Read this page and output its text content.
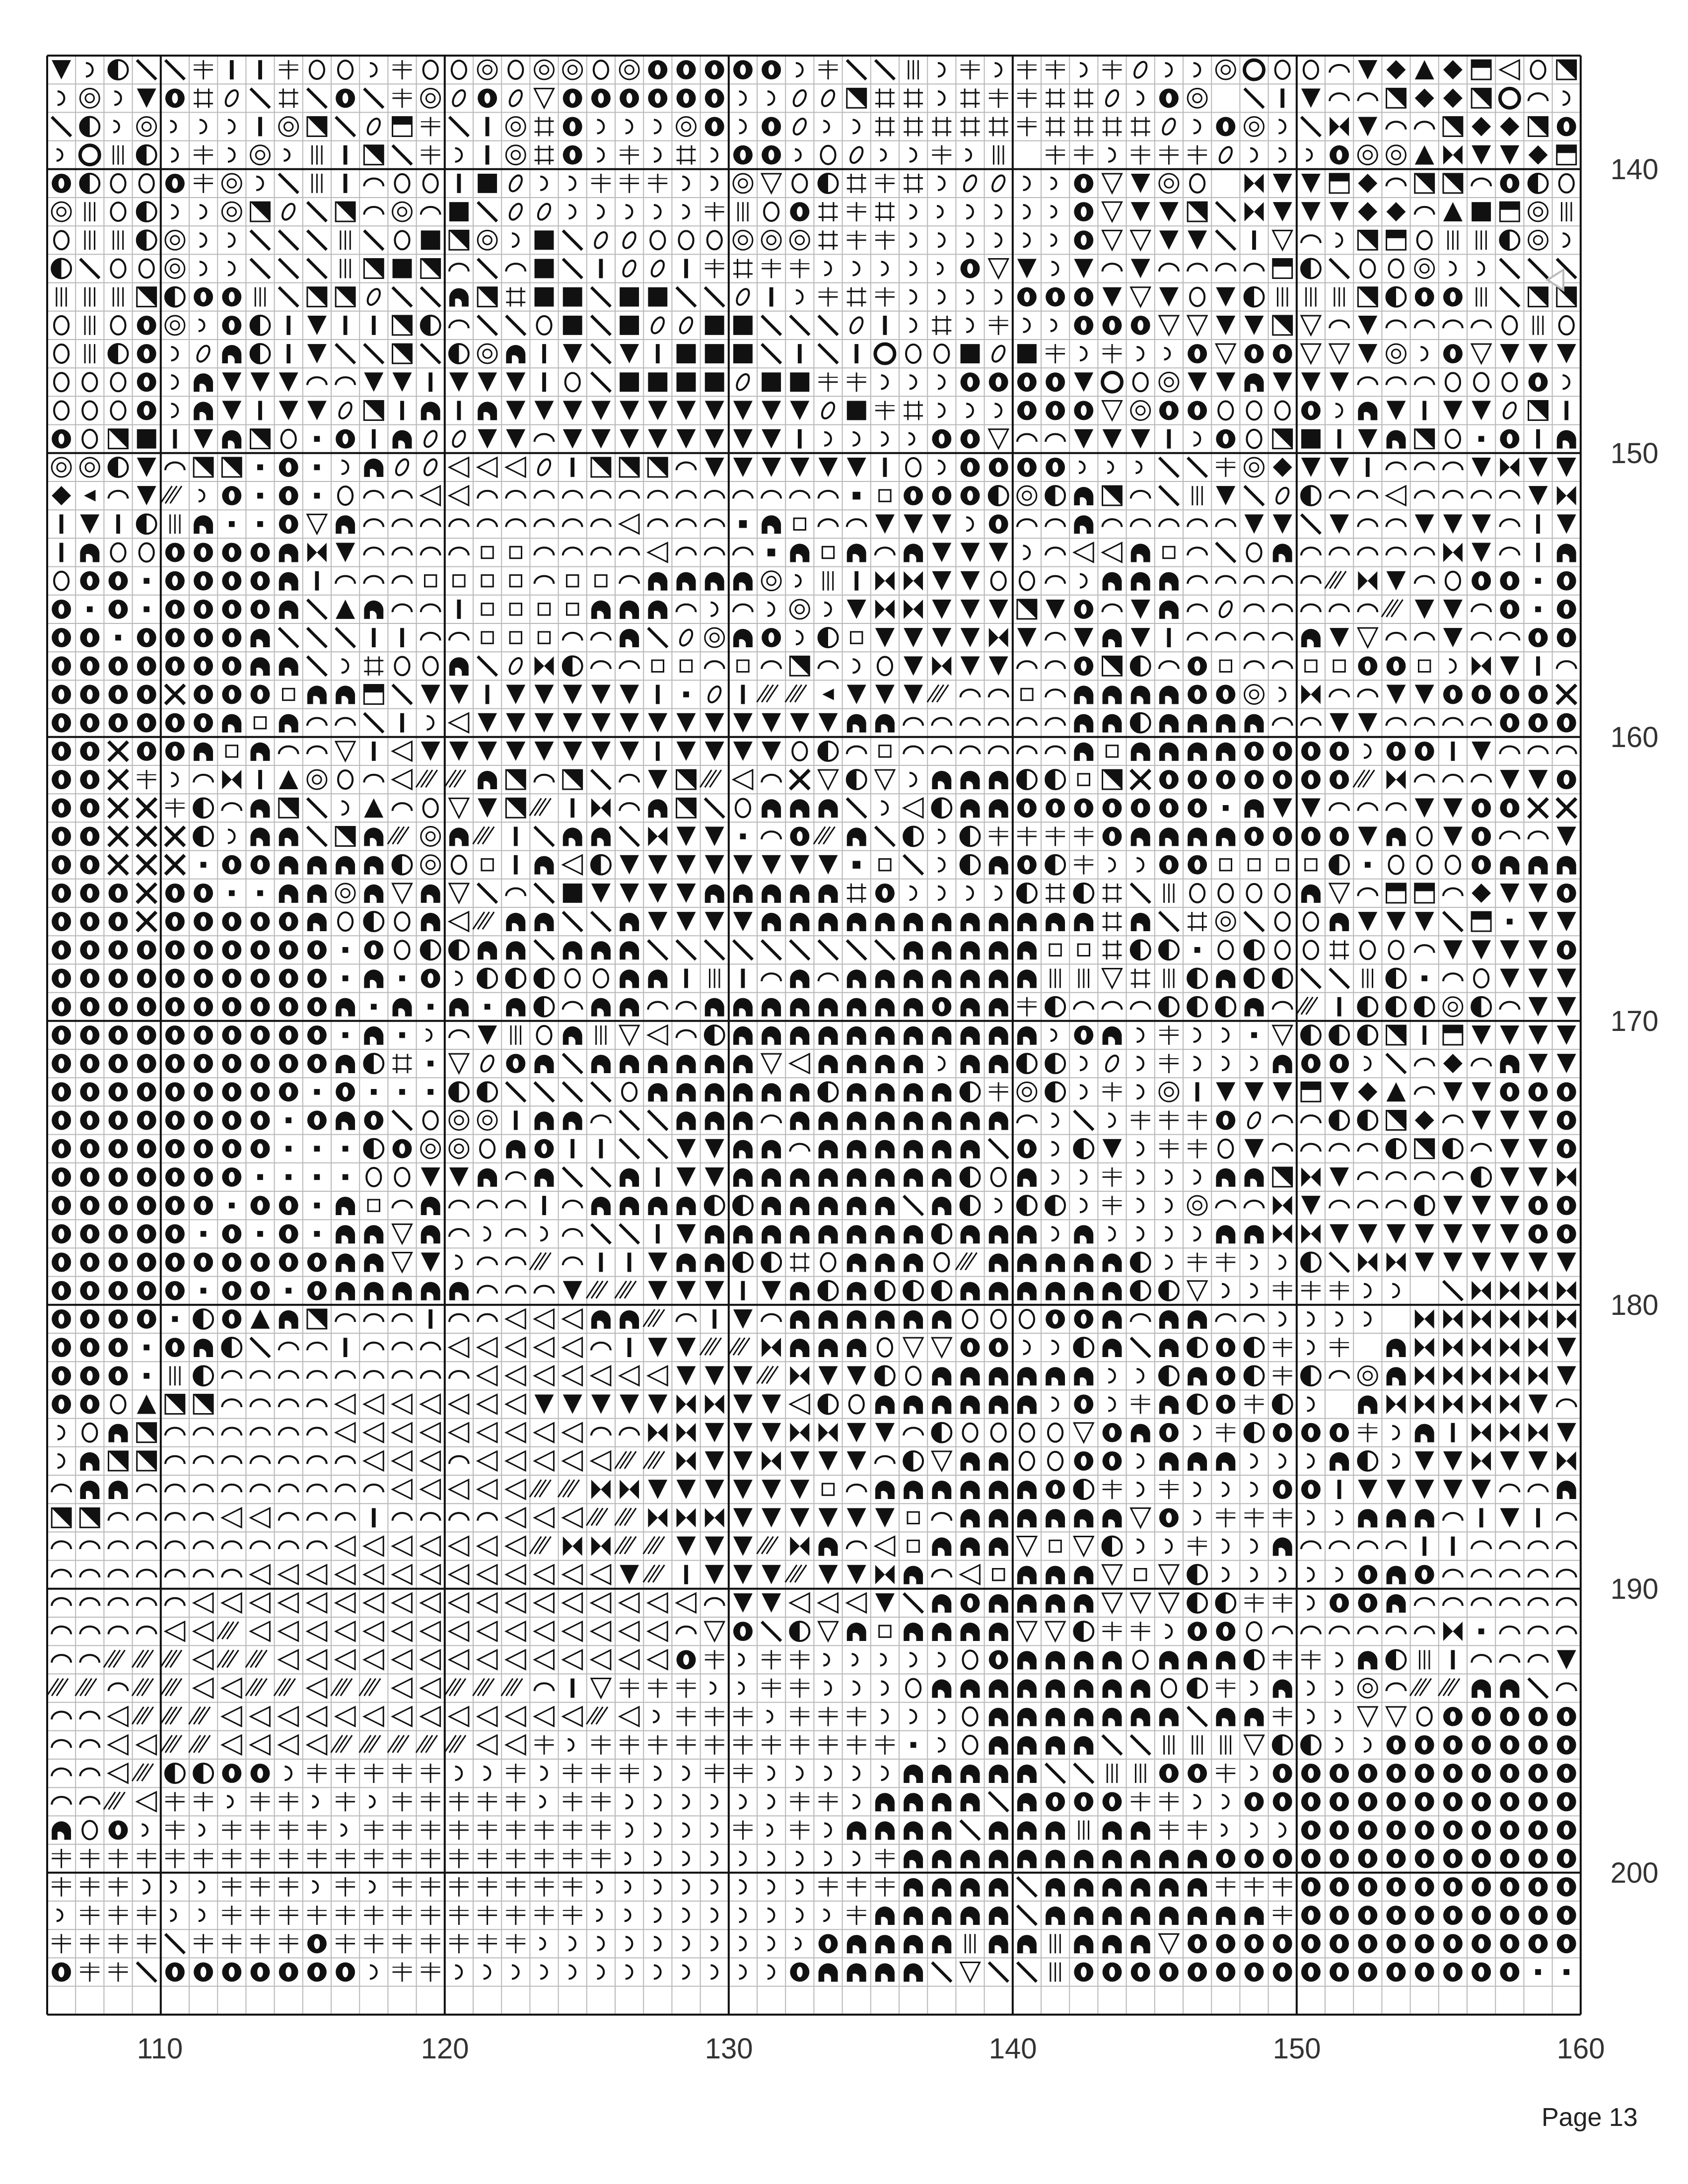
140
150
160
170
180
190
200
110	120	130	140	150	160
Page 13
